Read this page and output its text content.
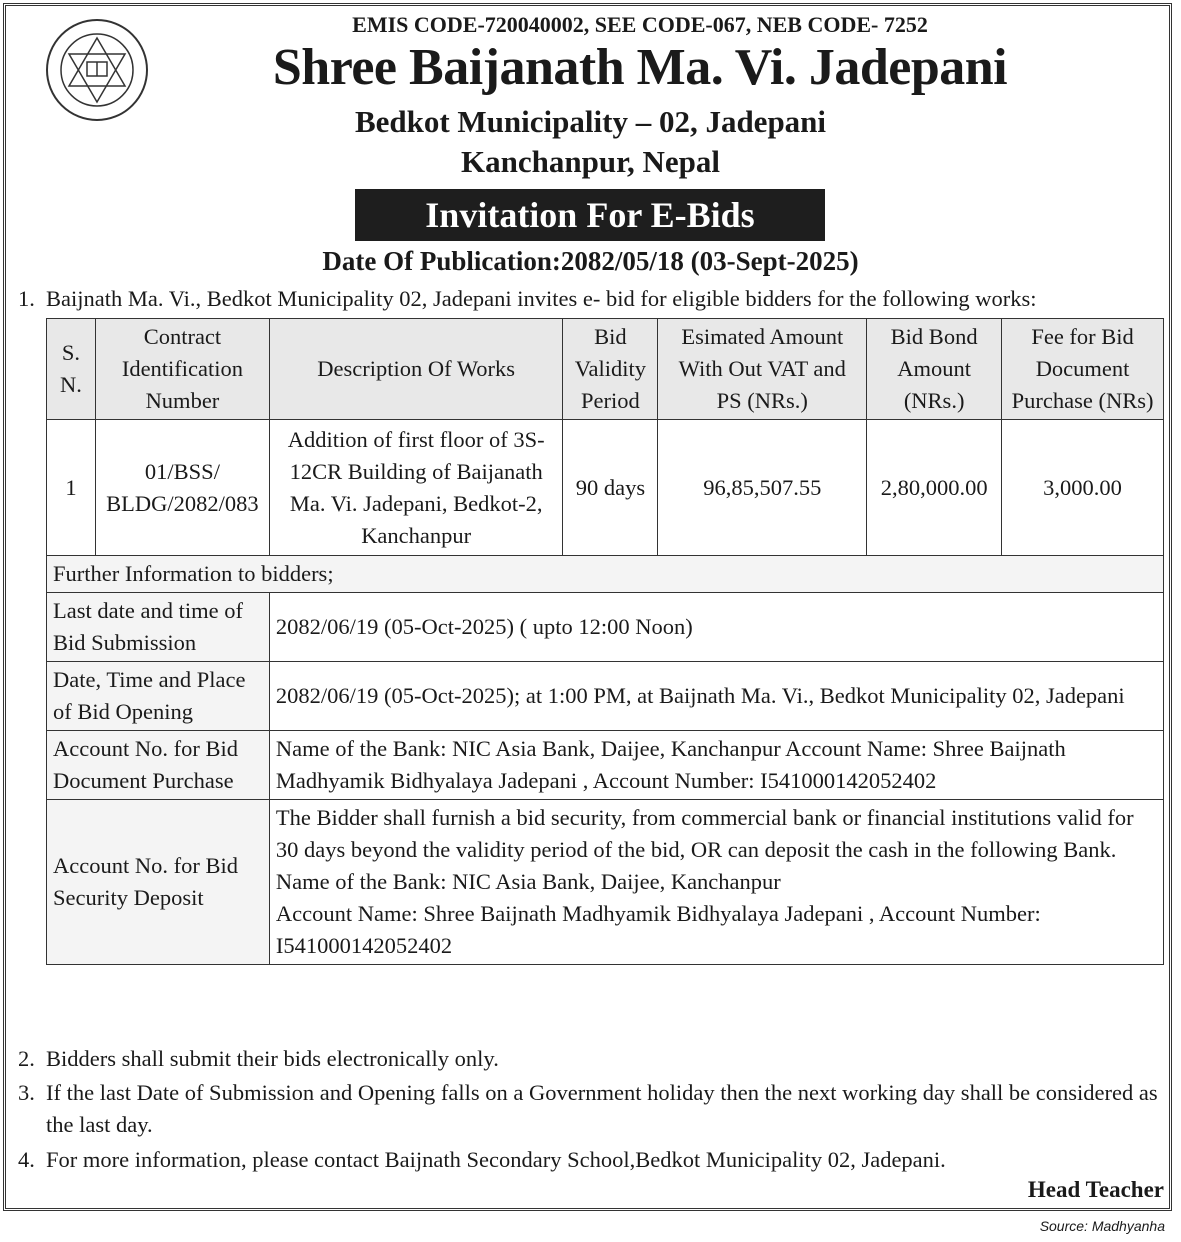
EMIS CODE-720040002, SEE CODE-067, NEB CODE- 7252
Shree Baijanath Ma. Vi. Jadepani
Bedkot Municipality – 02, Jadepani
Kanchanpur, Nepal
Invitation For E-Bids
Date Of Publication:2082/05/18 (03-Sept-2025)
1. Baijnath Ma. Vi., Bedkot Municipality 02, Jadepani invites e- bid for eligible bidders for the following works:
S. N.	Contract Identification Number	Description Of Works	Bid Validity Period	Esimated Amount With Out VAT and PS (NRs.)	Bid Bond Amount (NRs.)	Fee for Bid Document Purchase (NRs)
1	01/BSS/ BLDG/2082/083	Addition of first floor of 3S-12CR Building of Baijanath Ma. Vi. Jadepani, Bedkot-2, Kanchanpur	90 days	96,85,507.55	2,80,000.00	3,000.00
Further Information to bidders;						
Last date and time of Bid Submission		2082/06/19 (05-Oct-2025) ( upto 12:00 Noon)				
Date, Time and Place of Bid Opening		2082/06/19 (05-Oct-2025); at 1:00 PM, at Baijnath Ma. Vi., Bedkot Municipality 02, Jadepani				
Account No. for Bid Document Purchase		Name of the Bank: NIC Asia Bank, Daijee, Kanchanpur Account Name: Shree Baijnath Madhyamik Bidhyalaya Jadepani , Account Number: I541000142052402				
Account No. for Bid Security Deposit		The Bidder shall furnish a bid security, from commercial bank or financial institutions valid for 30 days beyond the validity period of the bid, OR can deposit the cash in the following Bank.
Name of the Bank: NIC Asia Bank, Daijee, Kanchanpur
Account Name: Shree Baijnath Madhyamik Bidhyalaya Jadepani , Account Number: I541000142052402				
2. Bidders shall submit their bids electronically only.
3. If the last Date of Submission and Opening falls on a Government holiday then the next working day shall be considered as the last day.
4. For more information, please contact Baijnath Secondary School,Bedkot Municipality 02, Jadepani.
Head Teacher
Source: Madhyanha
